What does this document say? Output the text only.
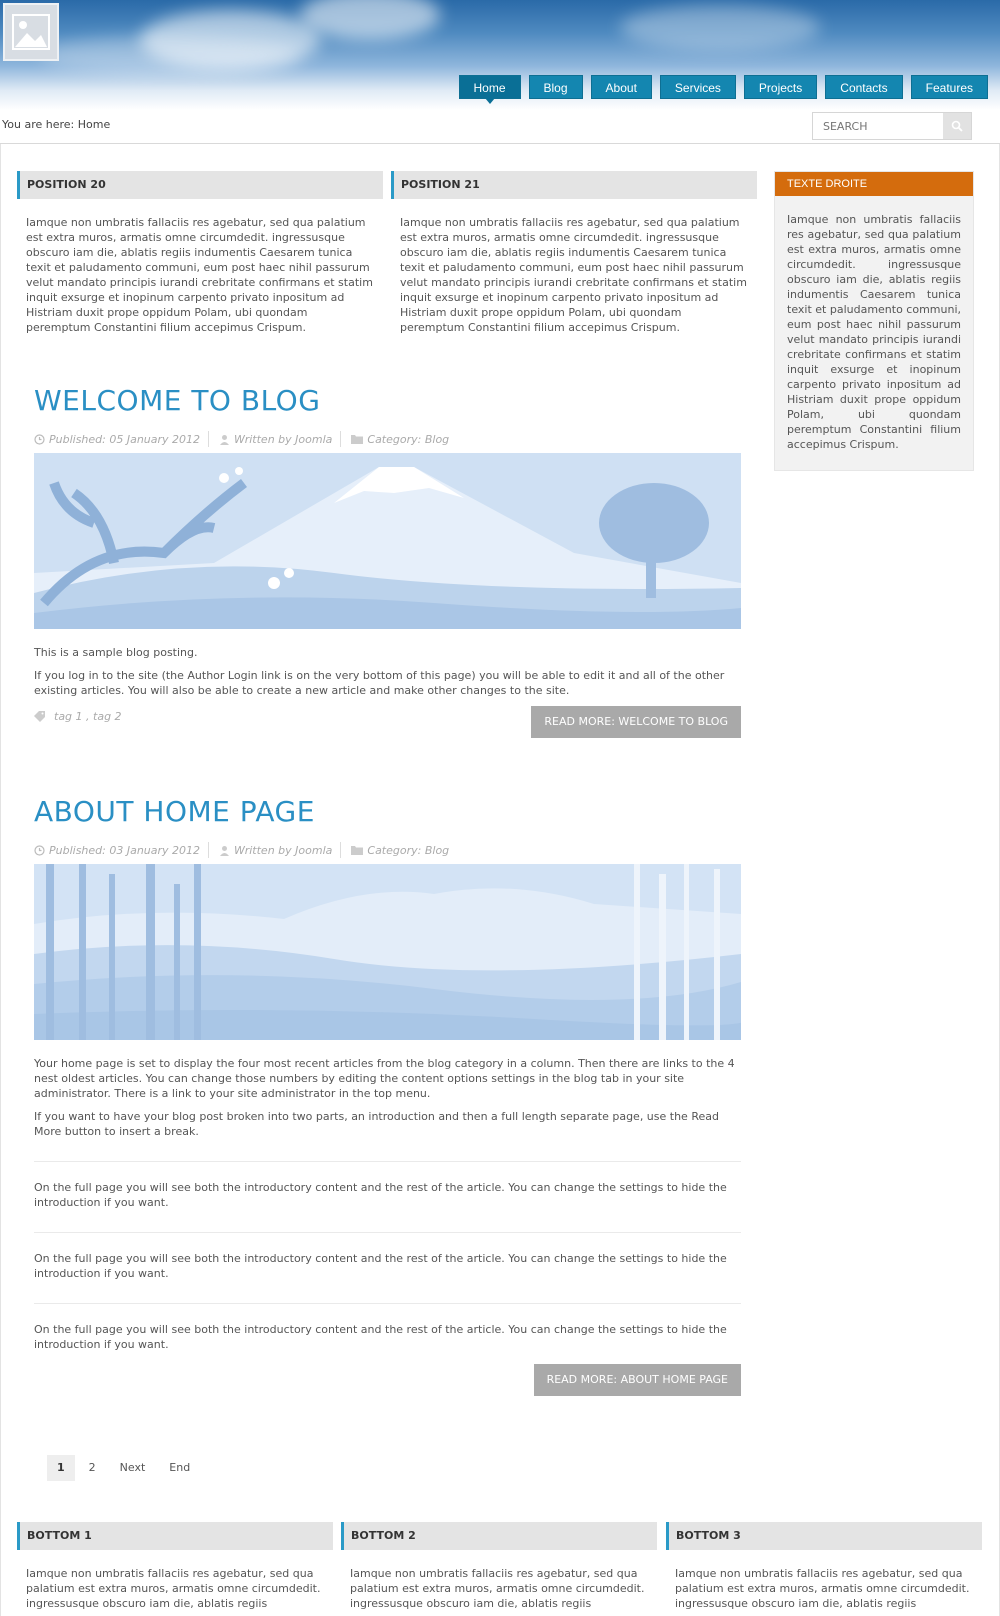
Home	Blog	About	Services	Projects	Contacts	Features
You are here: Home
SEARCH
POSITION 20
Iamque non umbratis fallaciis res agebatur, sed qua palatium est extra muros, armatis omne circumdedit. ingressusque obscuro iam die, ablatis regiis indumentis Caesarem tunica texit et paludamento communi, eum post haec nihil passurum velut mandato principis iurandi crebritate confirmans et statim inquit exsurge et inopinum carpento privato inpositum ad Histriam duxit prope oppidum Polam, ubi quondam peremptum Constantini filium accepimus Crispum.
POSITION 21
Iamque non umbratis fallaciis res agebatur, sed qua palatium est extra muros, armatis omne circumdedit. ingressusque obscuro iam die, ablatis regiis indumentis Caesarem tunica texit et paludamento communi, eum post haec nihil passurum velut mandato principis iurandi crebritate confirmans et statim inquit exsurge et inopinum carpento privato inpositum ad Histriam duxit prope oppidum Polam, ubi quondam peremptum Constantini filium accepimus Crispum.
TEXTE DROITE
Iamque non umbratis fallaciis res agebatur, sed qua palatium est extra muros, armatis omne circumdedit. ingressusque obscuro iam die, ablatis regiis indumentis Caesarem tunica texit et paludamento communi, eum post haec nihil passurum velut mandato principis iurandi crebritate confirmans et statim inquit exsurge et inopinum carpento privato inpositum ad Histriam duxit prope oppidum Polam, ubi quondam peremptum Constantini filium accepimus Crispum.
WELCOME TO BLOG
Published: 05 January 2012	Written by Joomla	Category: Blog
This is a sample blog posting.
If you log in to the site (the Author Login link is on the very bottom of this page) you will be able to edit it and all of the other existing articles. You will also be able to create a new article and make other changes to the site.
tag 1 , tag 2	READ MORE: WELCOME TO BLOG
ABOUT HOME PAGE
Published: 03 January 2012	Written by Joomla	Category: Blog
Your home page is set to display the four most recent articles from the blog category in a column. Then there are links to the 4 nest oldest articles. You can change those numbers by editing the content options settings in the blog tab in your site administrator. There is a link to your site administrator in the top menu.
If you want to have your blog post broken into two parts, an introduction and then a full length separate page, use the Read More button to insert a break.
On the full page you will see both the introductory content and the rest of the article. You can change the settings to hide the introduction if you want.
On the full page you will see both the introductory content and the rest of the article. You can change the settings to hide the introduction if you want.
On the full page you will see both the introductory content and the rest of the article. You can change the settings to hide the introduction if you want.
READ MORE: ABOUT HOME PAGE
1	2	Next	End
BOTTOM 1
Iamque non umbratis fallaciis res agebatur, sed qua palatium est extra muros, armatis omne circumdedit. ingressusque obscuro iam die, ablatis regiis
BOTTOM 2
Iamque non umbratis fallaciis res agebatur, sed qua palatium est extra muros, armatis omne circumdedit. ingressusque obscuro iam die, ablatis regiis
BOTTOM 3
Iamque non umbratis fallaciis res agebatur, sed qua palatium est extra muros, armatis omne circumdedit. ingressusque obscuro iam die, ablatis regiis
